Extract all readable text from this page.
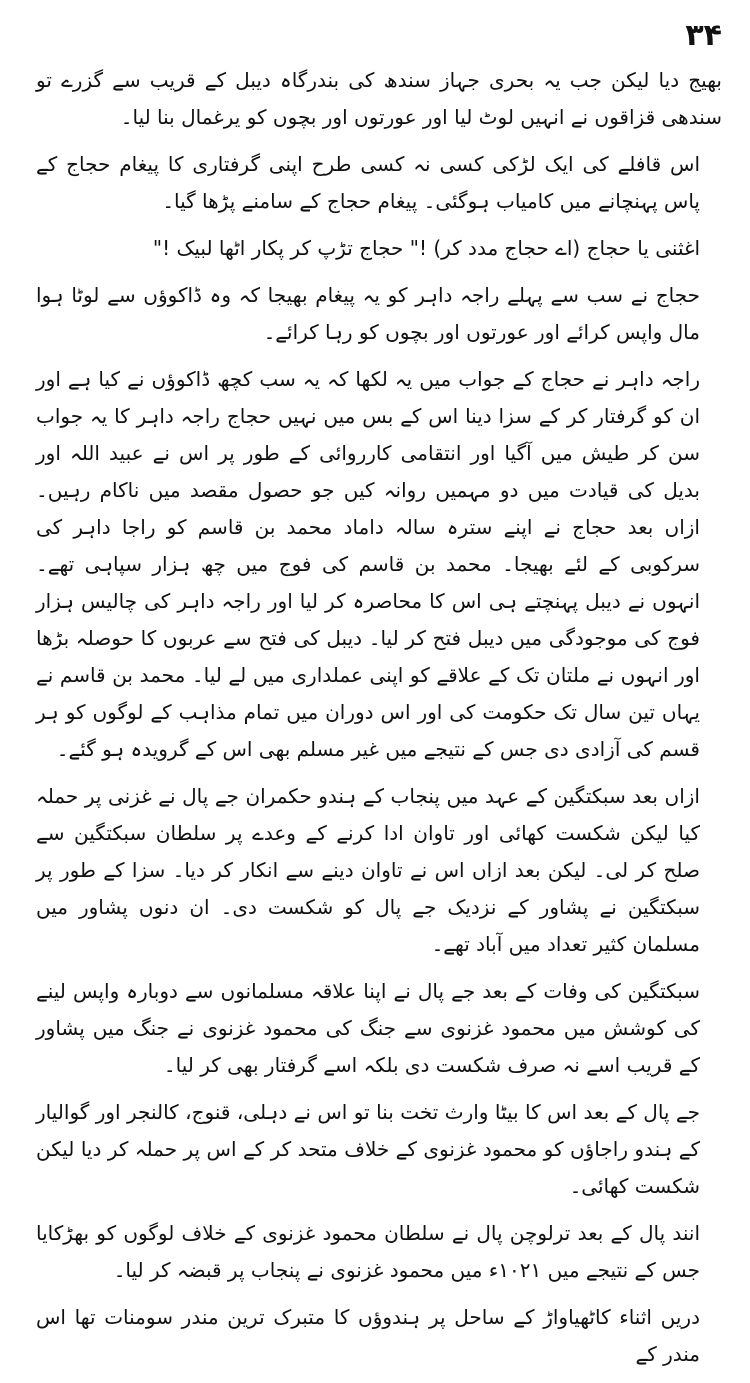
۳۴

بھیج دیا لیکن جب یہ بحری جہاز سندھ کی بندرگاہ دیبل کے قریب سے گزرے تو سندھی قزاقوں نے انہیں لوٹ لیا اور عورتوں اور بچوں کو یرغمال بنا لیا۔

اس قافلے کی ایک لڑکی کسی نہ کسی طرح اپنی گرفتاری کا پیغام حجاج کے پاس پہنچانے میں کامیاب ہوگئی۔ پیغام حجاج کے سامنے پڑھا گیا۔

اغثنی یا حجاج (اے حجاج مدد کر) !" حجاج تڑپ کر پکار اٹھا لبیک !"

حجاج نے سب سے پہلے راجہ داہر کو یہ پیغام بھیجا کہ وہ ڈاکوؤں سے لوٹا ہوا مال واپس کرائے اور عورتوں اور بچوں کو رہا کرائے۔

راجہ داہر نے حجاج کے جواب میں یہ لکھا کہ یہ سب کچھ ڈاکوؤں نے کیا ہے اور ان کو گرفتار کر کے سزا دینا اس کے بس میں نہیں حجاج راجہ داہر کا یہ جواب سن کر طیش میں آگیا اور انتقامی کارروائی کے طور پر اس نے عبید اللہ اور بدیل کی قیادت میں دو مہمیں روانہ کیں جو حصول مقصد میں ناکام رہیں۔ ازاں بعد حجاج نے اپنے سترہ سالہ داماد محمد بن قاسم کو راجا داہر کی سرکوبی کے لئے بھیجا۔ محمد بن قاسم کی فوج میں چھ ہزار سپاہی تھے۔ انہوں نے دیبل پہنچتے ہی اس کا محاصرہ کر لیا اور راجہ داہر کی چالیس ہزار فوج کی موجودگی میں دیبل فتح کر لیا۔ دیبل کی فتح سے عربوں کا حوصلہ بڑھا اور انہوں نے ملتان تک کے علاقے کو اپنی عملداری میں لے لیا۔ محمد بن قاسم نے یہاں تین سال تک حکومت کی اور اس دوران میں تمام مذاہب کے لوگوں کو ہر قسم کی آزادی دی جس کے نتیجے میں غیر مسلم بھی اس کے گرویدہ ہو گئے۔

ازاں بعد سبکتگین کے عہد میں پنجاب کے ہندو حکمران جے پال نے غزنی پر حملہ کیا لیکن شکست کھائی اور تاوان ادا کرنے کے وعدے پر سلطان سبکتگین سے صلح کر لی۔ لیکن بعد ازاں اس نے تاوان دینے سے انکار کر دیا۔ سزا کے طور پر سبکتگین نے پشاور کے نزدیک جے پال کو شکست دی۔ ان دنوں پشاور میں مسلمان کثیر تعداد میں آباد تھے۔

سبکتگین کی وفات کے بعد جے پال نے اپنا علاقہ مسلمانوں سے دوبارہ واپس لینے کی کوشش میں محمود غزنوی سے جنگ کی محمود غزنوی نے جنگ میں پشاور کے قریب اسے نہ صرف شکست دی بلکہ اسے گرفتار بھی کر لیا۔

جے پال کے بعد اس کا بیٹا وارث تخت بنا تو اس نے دہلی، قنوج، کالنجر اور گوالیار کے ہندو راجاؤں کو محمود غزنوی کے خلاف متحد کر کے اس پر حملہ کر دیا لیکن شکست کھائی۔

انند پال کے بعد ترلوچن پال نے سلطان محمود غزنوی کے خلاف لوگوں کو بھڑکایا جس کے نتیجے میں ۱۰۲۱ء میں محمود غزنوی نے پنجاب پر قبضہ کر لیا۔

دریں اثناء کاٹھیاواڑ کے ساحل پر ہندوؤں کا متبرک ترین مندر سومنات تھا اس مندر کے
